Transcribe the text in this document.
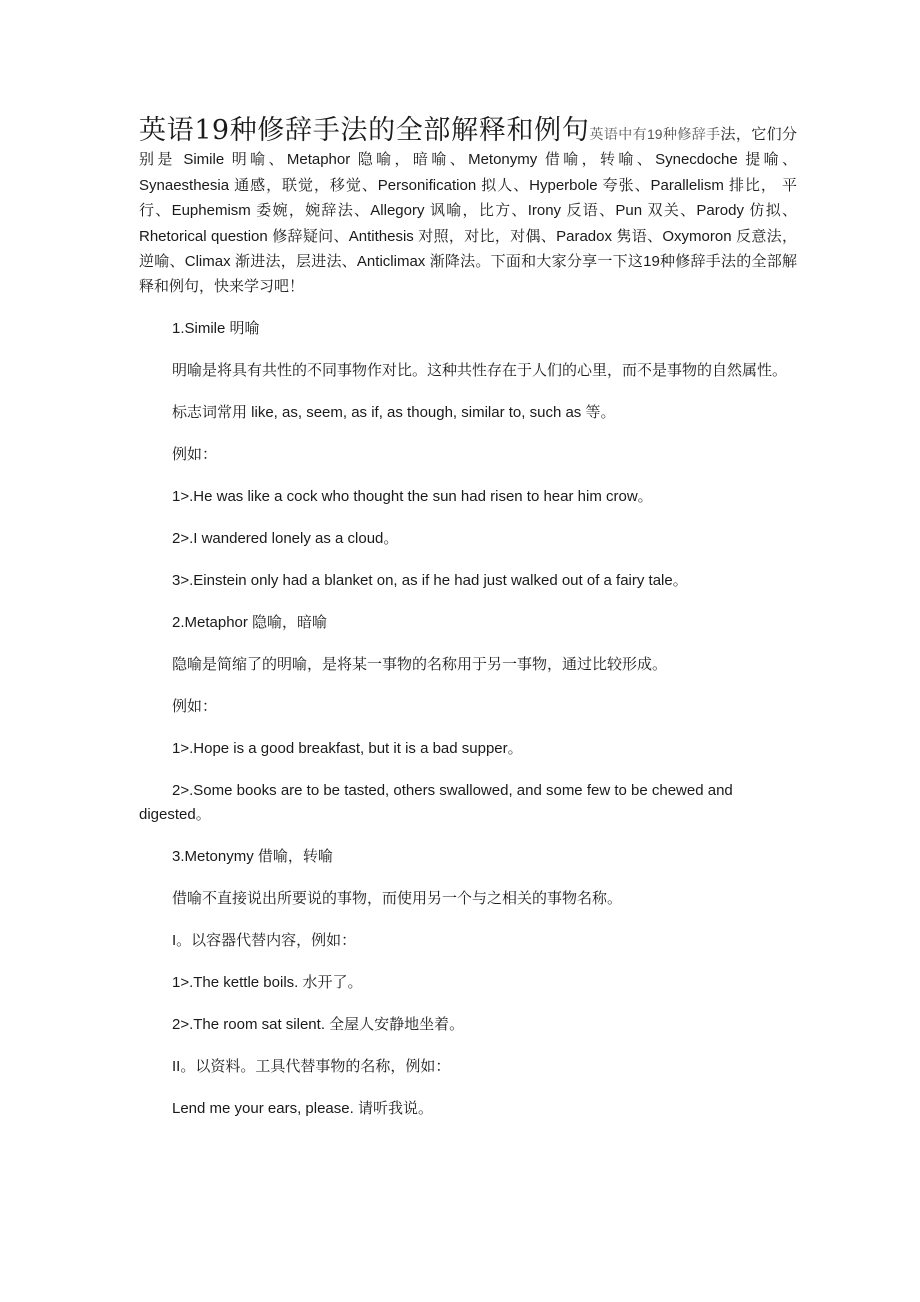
英语19种修辞手法的全部解释和例句英语中有19种修辞手法，它们分别是 Simile 明喻、Metaphor 隐喻，暗喻、Metonymy 借喻，转喻、Synecdoche 提喻、Synaesthesia 通感，联觉，移觉、Personification 拟人、Hyperbole 夸张、Parallelism 排比， 平行、Euphemism 委婉，婉辞法、Allegory 讽喻，比方、Irony 反语、Pun 双关、Parody 仿拟、Rhetorical question 修辞疑问、Antithesis 对照，对比，对偶、Paradox 隽语、Oxymoron 反意法，逆喻、Climax 渐进法，层进法、Anticlimax 渐降法。下面和大家分享一下这19种修辞手法的全部解释和例句，快来学习吧！

1.Simile 明喻

明喻是将具有共性的不同事物作对比。这种共性存在于人们的心里，而不是事物的自然属性。

标志词常用 like, as, seem, as if, as though, similar to, such as 等。

例如：

1>.He was like a cock who thought the sun had risen to hear him crow。

2>.I wandered lonely as a cloud。

3>.Einstein only had a blanket on, as if he had just walked out of a fairy tale。

2.Metaphor 隐喻，暗喻

隐喻是简缩了的明喻，是将某一事物的名称用于另一事物，通过比较形成。

例如：

1>.Hope is a good breakfast, but it is a bad supper。

2>.Some books are to be tasted, others swallowed, and some few to be chewed and digested。

3.Metonymy 借喻，转喻

借喻不直接说出所要说的事物，而使用另一个与之相关的事物名称。

I。以容器代替内容，例如：

1>.The kettle boils. 水开了。

2>.The room sat silent. 全屋人安静地坐着。

II。以资料。工具代替事物的名称，例如：

Lend me your ears, please. 请听我说。
